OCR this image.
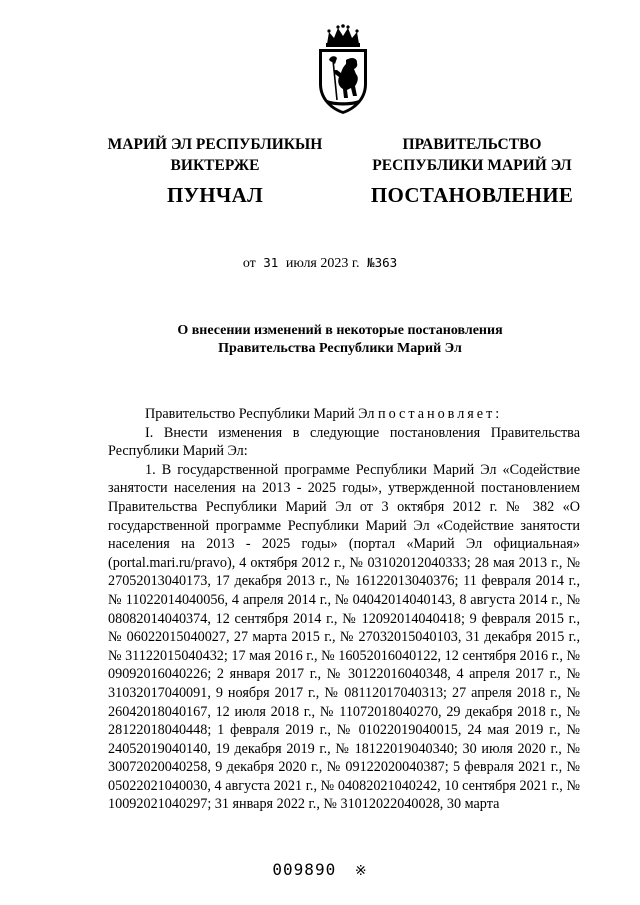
МАРИЙ ЭЛ РЕСПУБЛИКЫН
ВИКТЕРЖЕ
ПУНЧАЛ
ПРАВИТЕЛЬСТВО
РЕСПУБЛИКИ МАРИЙ ЭЛ
ПОСТАНОВЛЕНИЕ
от 31 июля 2023 г. №363
О внесении изменений в некоторые постановления
Правительства Республики Марий Эл

Правительство Республики Марий Эл постановляет:

I. Внести изменения в следующие постановления Правительства Республики Марий Эл:

1. В государственной программе Республики Марий Эл «Содействие занятости населения на 2013 - 2025 годы», утвержденной постановлением Правительства Республики Марий Эл от 3 октября 2012 г. № 382 «О государственной программе Республики Марий Эл «Содействие занятости населения на 2013 - 2025 годы» (портал «Марий Эл официальная» (portal.mari.ru/pravo), 4 октября 2012 г., № 03102012040333; 28 мая 2013 г., № 27052013040173, 17 декабря 2013 г., № 16122013040376; 11 февраля 2014 г., № 11022014040056, 4 апреля 2014 г., № 04042014040143, 8 августа 2014 г., № 08082014040374, 12 сентября 2014 г., № 12092014040418; 9 февраля 2015 г., № 06022015040027, 27 марта 2015 г., № 27032015040103, 31 декабря 2015 г., № 31122015040432; 17 мая 2016 г., № 16052016040122, 12 сентября 2016 г., № 09092016040226; 2 января 2017 г., № 30122016040348, 4 апреля 2017 г., № 31032017040091, 9 ноября 2017 г., № 08112017040313; 27 апреля 2018 г., № 26042018040167, 12 июля 2018 г., № 11072018040270, 29 декабря 2018 г., № 28122018040448; 1 февраля 2019 г., № 01022019040015, 24 мая 2019 г., № 24052019040140, 19 декабря 2019 г., № 18122019040340; 30 июля 2020 г., № 30072020040258, 9 декабря 2020 г., № 09122020040387; 5 февраля 2021 г., № 05022021040030, 4 августа 2021 г., № 04082021040242, 10 сентября 2021 г., № 10092021040297; 31 января 2022 г., № 31012022040028, 30 марта

009890 ※
